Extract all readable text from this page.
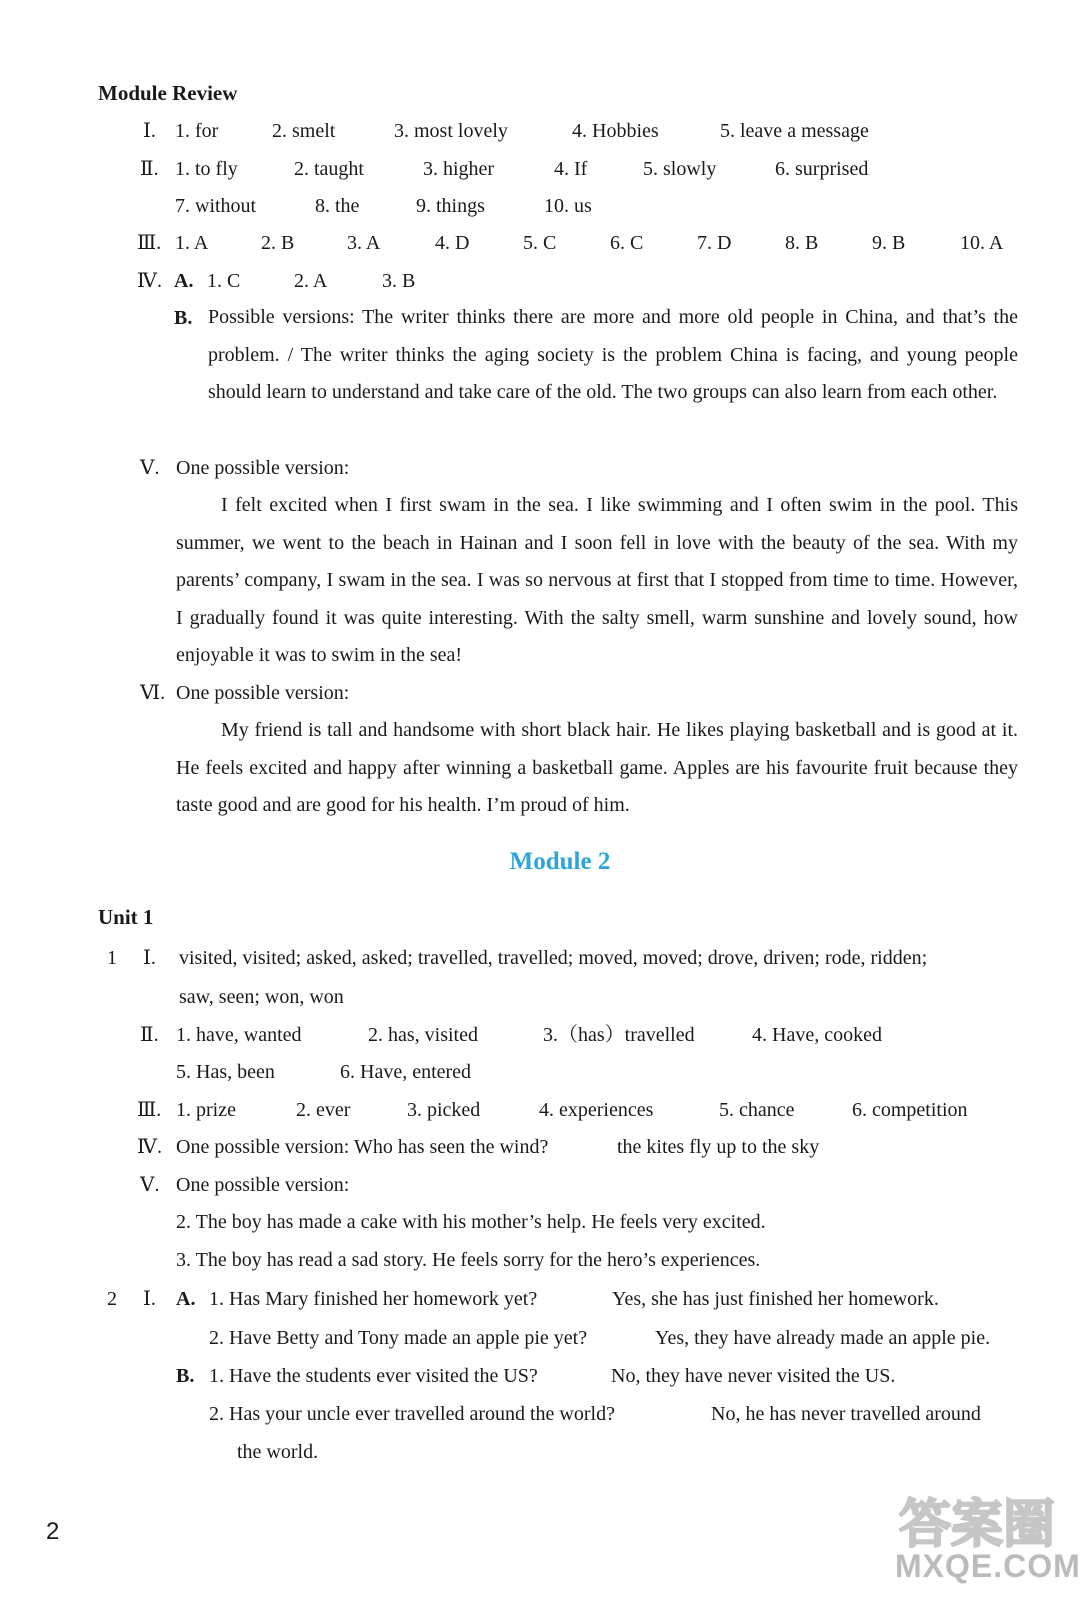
Module Review
Ⅰ. 1. for	2. smelt	3. most lovely	4. Hobbies	5. leave a message
Ⅱ. 1. to fly	2. taught	3. higher	4. If	5. slowly	6. surprised
7. without	8. the	9. things	10. us
Ⅲ. 1. A	2. B	3. A	4. D	5. C	6. C	7. D	8. B	9. B	10. A
Ⅳ. A. 1. C	2. A	3. B
B. Possible versions: The writer thinks there are more and more old people in China, and that’s the problem. / The writer thinks the aging society is the problem China is facing, and young people should learn to understand and take care of the old. The two groups can also learn from each other.
Ⅴ. One possible version:
I felt excited when I first swam in the sea. I like swimming and I often swim in the pool. This summer, we went to the beach in Hainan and I soon fell in love with the beauty of the sea. With my parents’ company, I swam in the sea. I was so nervous at first that I stopped from time to time. However, I gradually found it was quite interesting. With the salty smell, warm sunshine and lovely sound, how enjoyable it was to swim in the sea!
Ⅵ. One possible version:
My friend is tall and handsome with short black hair. He likes playing basketball and is good at it. He feels excited and happy after winning a basketball game. Apples are his favourite fruit because they taste good and are good for his health. I’m proud of him.
Module 2
Unit 1
1 Ⅰ. visited, visited; asked, asked; travelled, travelled; moved, moved; drove, driven; rode, ridden;
saw, seen; won, won
Ⅱ. 1. have, wanted	2. has, visited	3.（has）travelled	4. Have, cooked
5. Has, been	6. Have, entered
Ⅲ. 1. prize	2. ever	3. picked	4. experiences	5. chance	6. competition
Ⅳ. One possible version: Who has seen the wind?	the kites fly up to the sky
Ⅴ. One possible version:
2. The boy has made a cake with his mother’s help. He feels very excited.
3. The boy has read a sad story. He feels sorry for the hero’s experiences.
2 Ⅰ. A. 1. Has Mary finished her homework yet?	Yes, she has just finished her homework.
2. Have Betty and Tony made an apple pie yet?	Yes, they have already made an apple pie.
B. 1. Have the students ever visited the US?	No, they have never visited the US.
2. Has your uncle ever travelled around the world?	No, he has never travelled around
the world.
2	答案圈
MXQE.COM
